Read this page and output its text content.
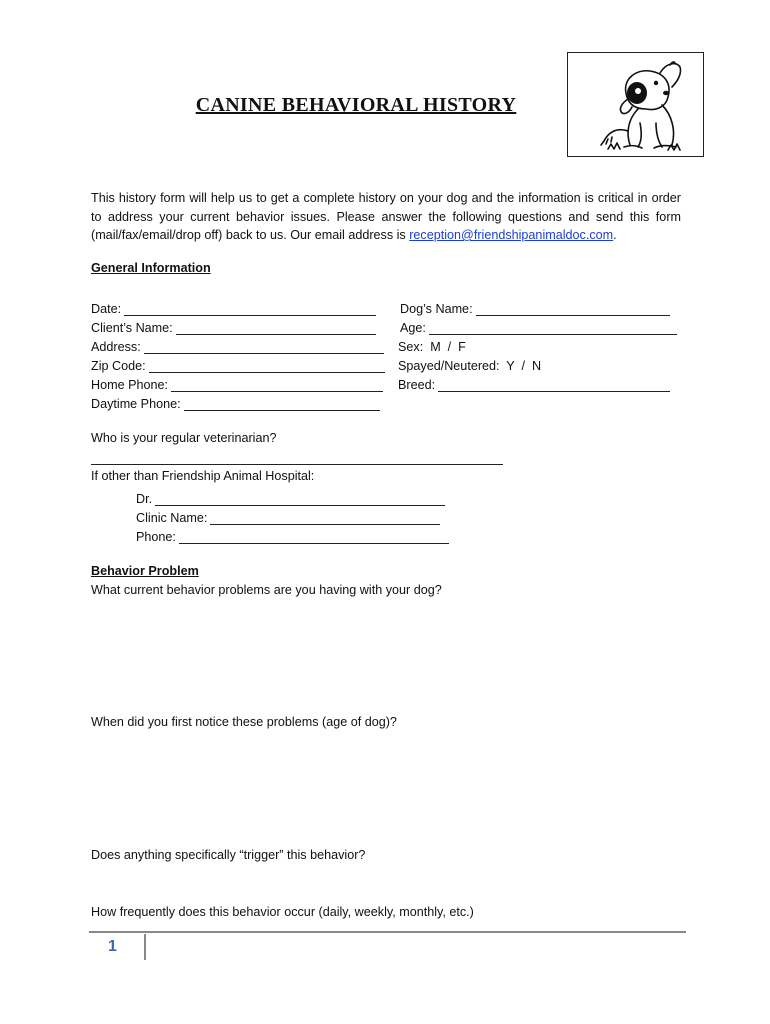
CANINE BEHAVIORAL HISTORY
This history form will help us to get a complete history on your dog and the information is critical in order to address your current behavior issues. Please answer the following questions and send this form (mail/fax/email/drop off) back to us. Our email address is reception@friendshipanimaldoc.com.
General Information
Date:
Client’s Name:
Address:
Zip Code:
Home Phone:
Daytime Phone:
Dog’s Name:
Age:
Sex:  M  /  F
Spayed/Neutered:  Y  /  N
Breed:
Who is your regular veterinarian?
If other than Friendship Animal Hospital:
Dr.
Clinic Name:
Phone:
Behavior Problem
What current behavior problems are you having with your dog?
When did you first notice these problems (age of dog)?
Does anything specifically “trigger” this behavior?
How frequently does this behavior occur (daily, weekly, monthly, etc.)
1
